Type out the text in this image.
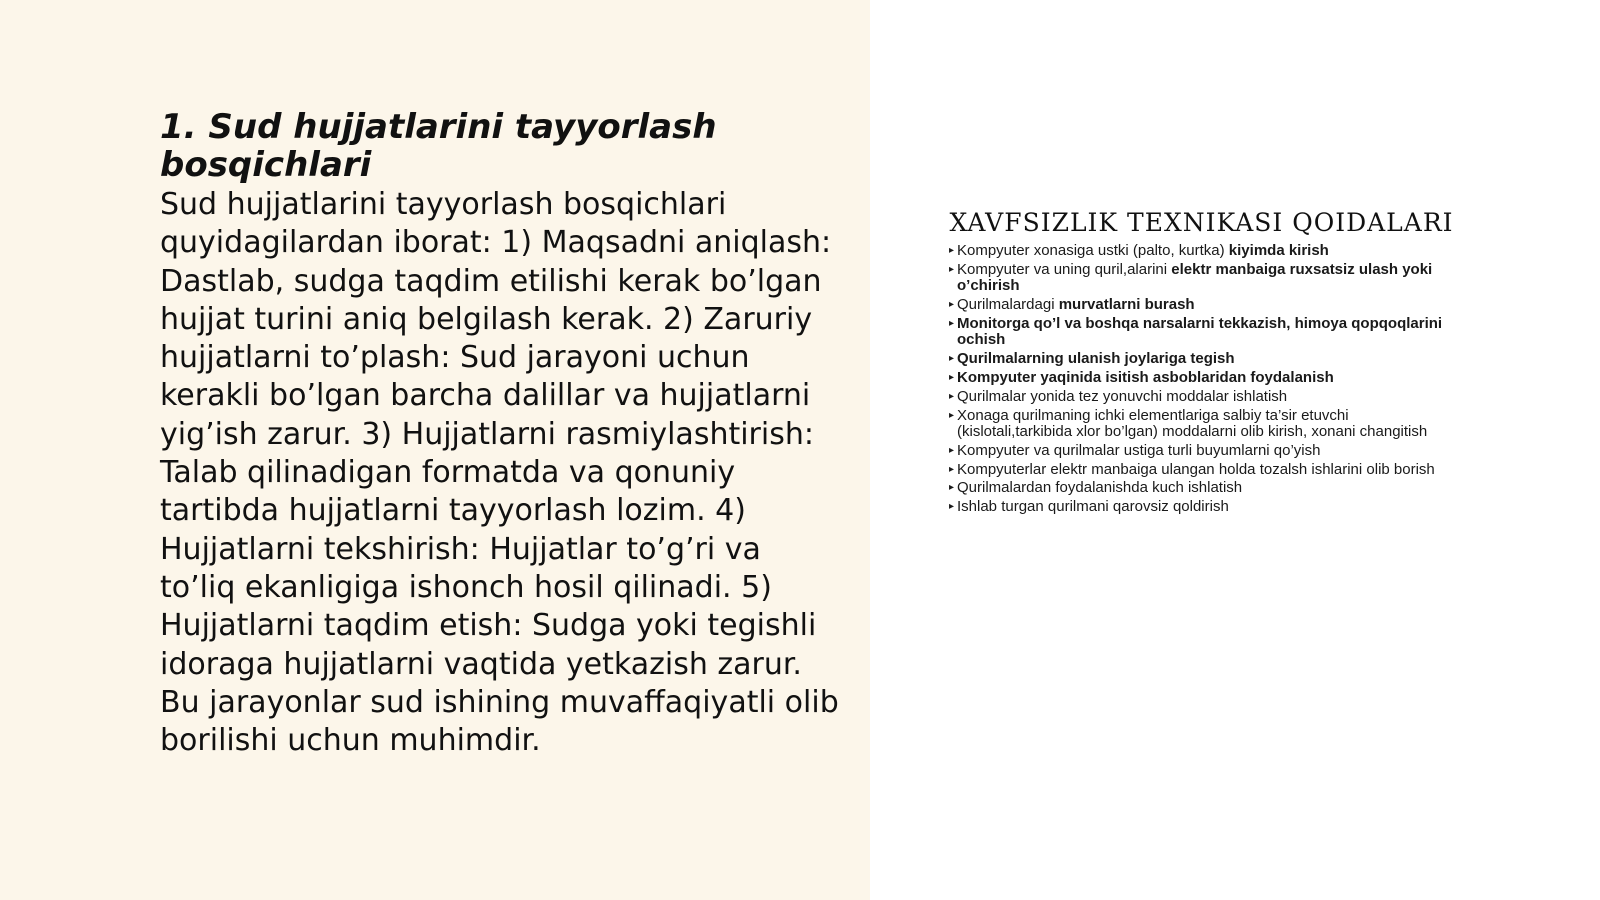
1. Sud hujjatlarini tayyorlash bosqichlari

Sud hujjatlarini tayyorlash bosqichlari quyidagilardan iborat: 1) Maqsadni aniqlash: Dastlab, sudga taqdim etilishi kerak bo’lgan hujjat turini aniq belgilash kerak. 2) Zaruriy hujjatlarni to’plash: Sud jarayoni uchun kerakli bo’lgan barcha dalillar va hujjatlarni yig’ish zarur. 3) Hujjatlarni rasmiylashtirish: Talab qilinadigan formatda va qonuniy tartibda hujjatlarni tayyorlash lozim. 4) Hujjatlarni tekshirish: Hujjatlar to’g’ri va to’liq ekanligiga ishonch hosil qilinadi. 5) Hujjatlarni taqdim etish: Sudga yoki tegishli idoraga hujjatlarni vaqtida yetkazish zarur. Bu jarayonlar sud ishining muvaffaqiyatli olib borilishi uchun muhimdir.

XAVFSIZLIK TEXNIKASI QOIDALARI
▸ Kompyuter xonasiga ustki (palto, kurtka) kiyimda kirish
▸ Kompyuter va uning quril,alarini elektr manbaiga ruxsatsiz ulash yoki o’chirish
▸ Qurilmalardagi murvatlarni burash
▸ Monitorga qo’l va boshqa narsalarni tekkazish, himoya qopqoqlarini ochish
▸ Qurilmalarning ulanish joylariga tegish
▸ Kompyuter yaqinida isitish asboblaridan foydalanish
▸ Qurilmalar yonida tez yonuvchi moddalar ishlatish
▸ Xonaga qurilmaning ichki elementlariga salbiy ta’sir etuvchi (kislotali,tarkibida xlor bo’lgan) moddalarni olib kirish, xonani changitish
▸ Kompyuter va qurilmalar ustiga turli buyumlarni qo’yish
▸ Kompyuterlar elektr manbaiga ulangan holda tozalsh ishlarini olib borish
▸ Qurilmalardan foydalanishda kuch ishlatish
▸ Ishlab turgan qurilmani qarovsiz qoldirish
